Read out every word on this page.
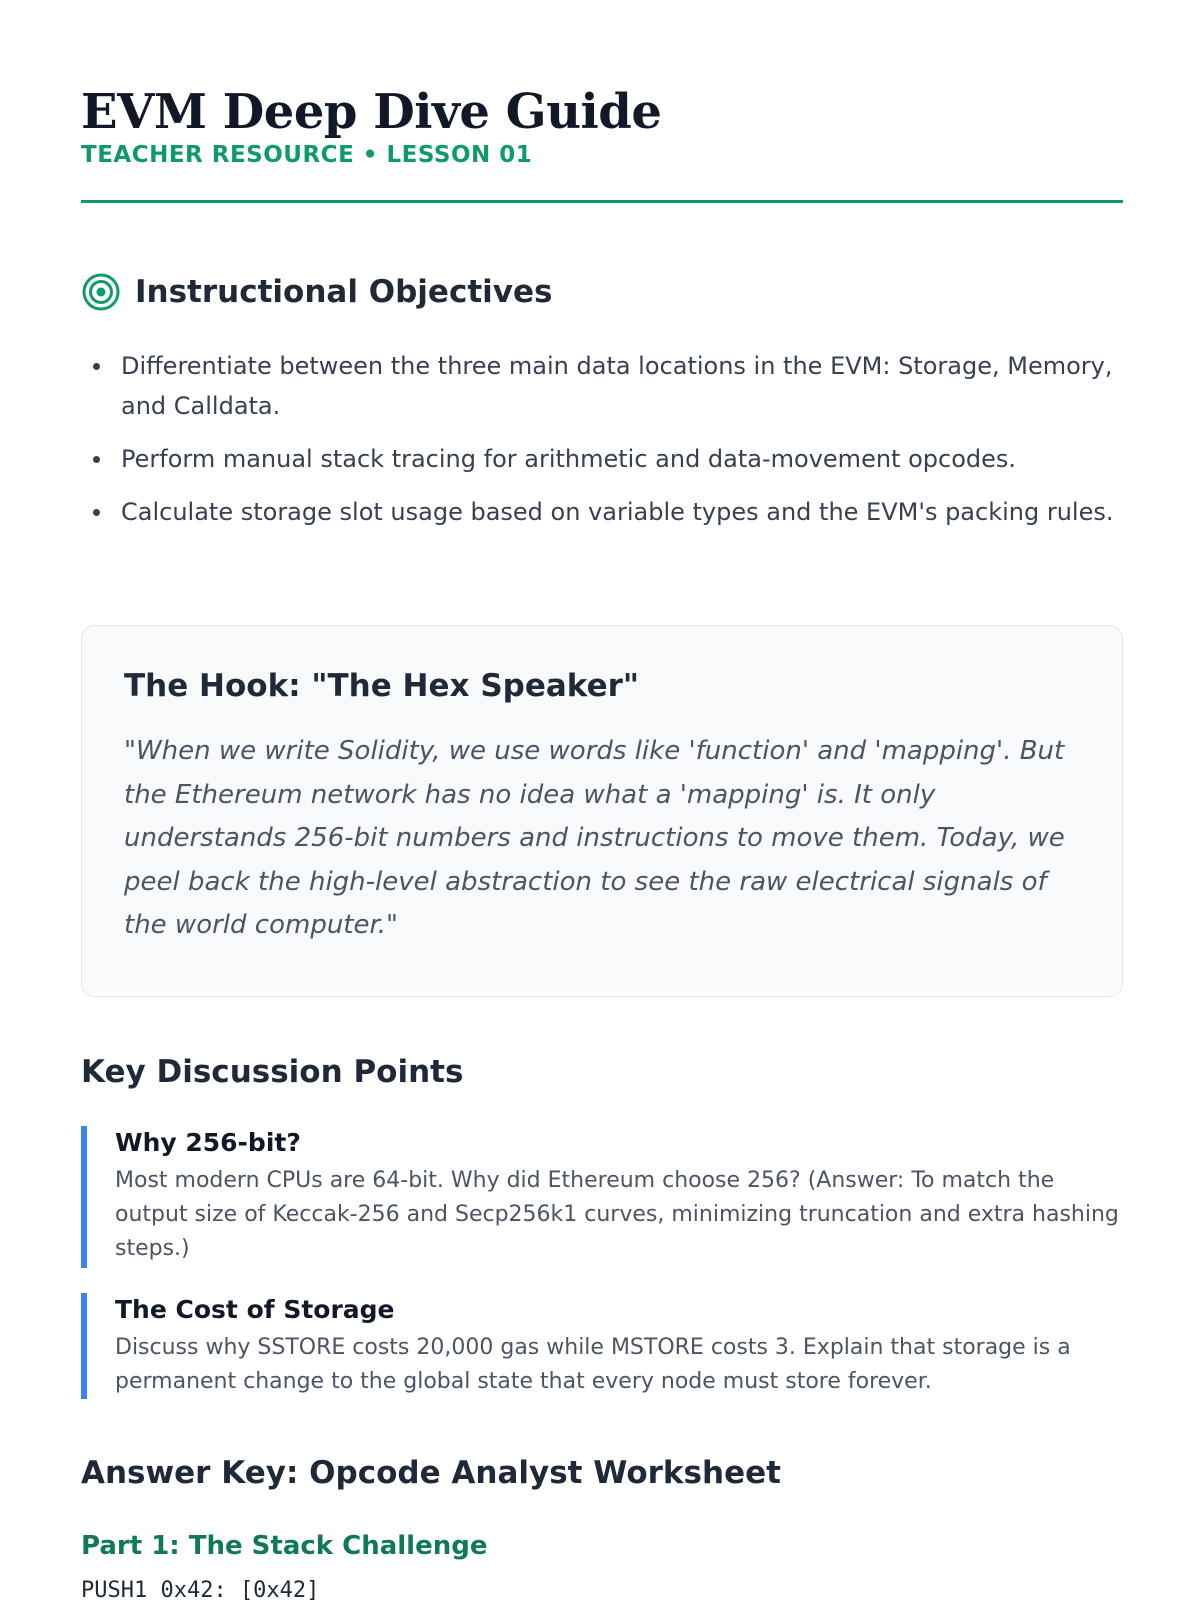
EVM Deep Dive Guide
TEACHER RESOURCE • LESSON 01
Instructional Objectives
Differentiate between the three main data locations in the EVM: Storage, Memory, and Calldata.
Perform manual stack tracing for arithmetic and data-movement opcodes.
Calculate storage slot usage based on variable types and the EVM's packing rules.
The Hook: "The Hex Speaker"

"When we write Solidity, we use words like 'function' and 'mapping'. But the Ethereum network has no idea what a 'mapping' is. It only understands 256-bit numbers and instructions to move them. Today, we peel back the high-level abstraction to see the raw electrical signals of the world computer."

Key Discussion Points
Why 256-bit?

Most modern CPUs are 64-bit. Why did Ethereum choose 256? (Answer: To match the output size of Keccak-256 and Secp256k1 curves, minimizing truncation and extra hashing steps.)

The Cost of Storage

Discuss why SSTORE costs 20,000 gas while MSTORE costs 3. Explain that storage is a permanent change to the global state that every node must store forever.

Answer Key: Opcode Analyst Worksheet
Part 1: The Stack Challenge
PUSH1 0x42: [0x42]
